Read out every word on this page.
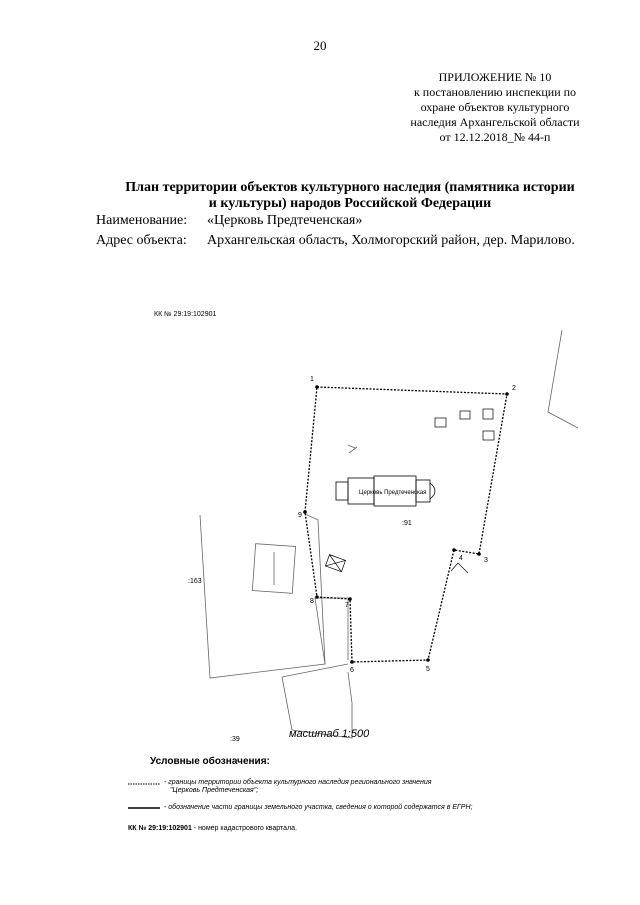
20
ПРИЛОЖЕНИЕ № 10
к постановлению инспекции по
охране объектов культурного
наследия Архангельской области
от 12.12.2018_№ 44-п
План территории объектов культурного наследия (памятника истории
и культуры) народов Российской Федерации
Наименование: «Церковь Предтеченская»
Адрес объекта: Архангельская область, Холмогорский район, дер. Марилово.
1
2
3
4
5
6
7
8
9
Церковь Предтеченская
:91
:163
:39
КК № 29:19:102901
масштаб 1:500
Условные обозначения:
- границы территории объекта культурного наследия регионального значения
"Церковь Предтеченская";
- обозначение части границы земельного участка, сведения о которой содержатся в ЕГРН;
КК № 29:19:102901 - номер кадастрового квартала.
